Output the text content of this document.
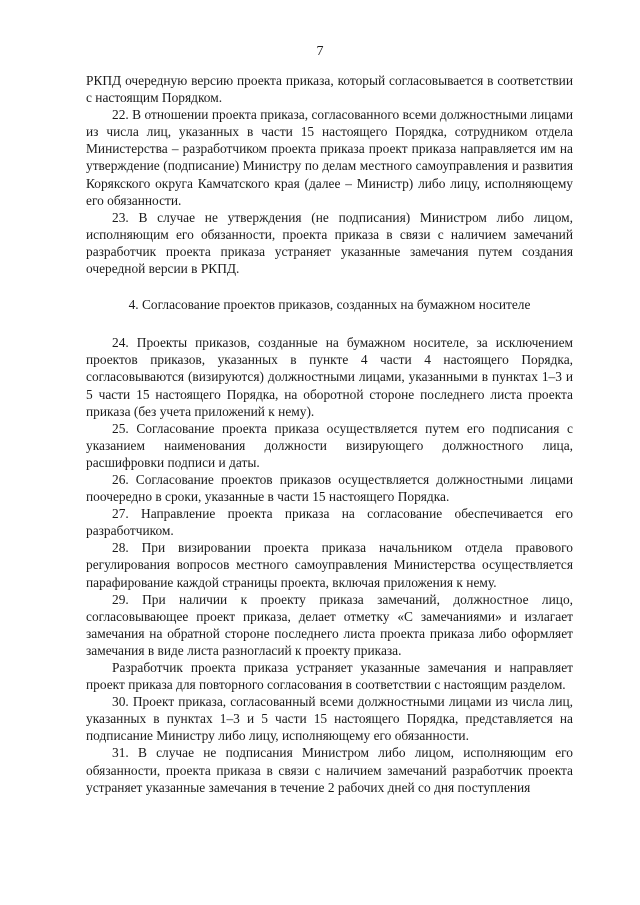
7

РКПД очередную версию проекта приказа, который согласовывается в соответствии с настоящим Порядком.

22. В отношении проекта приказа, согласованного всеми должностными лицами из числа лиц, указанных в части 15 настоящего Порядка, сотрудником отдела Министерства – разработчиком проекта приказа проект приказа направляется им на утверждение (подписание) Министру по делам местного самоуправления и развития Корякского округа Камчатского края (далее – Министр) либо лицу, исполняющему его обязанности.

23. В случае не утверждения (не подписания) Министром либо лицом, исполняющим его обязанности, проекта приказа в связи с наличием замечаний разработчик проекта приказа устраняет указанные замечания путем создания очередной версии в РКПД.

4. Согласование проектов приказов, созданных на бумажном носителе

24. Проекты приказов, созданные на бумажном носителе, за исключением проектов приказов, указанных в пункте 4 части 4 настоящего Порядка, согласовываются (визируются) должностными лицами, указанными в пунктах 1–3 и 5 части 15 настоящего Порядка, на оборотной стороне последнего листа проекта приказа (без учета приложений к нему).

25. Согласование проекта приказа осуществляется путем его подписания с указанием наименования должности визирующего должностного лица, расшифровки подписи и даты.

26. Согласование проектов приказов осуществляется должностными лицами поочередно в сроки, указанные в части 15 настоящего Порядка.

27. Направление проекта приказа на согласование обеспечивается его разработчиком.

28. При визировании проекта приказа начальником отдела правового регулирования вопросов местного самоуправления Министерства осуществляется парафирование каждой страницы проекта, включая приложения к нему.

29. При наличии к проекту приказа замечаний, должностное лицо, согласовывающее проект приказа, делает отметку «С замечаниями» и излагает замечания на обратной стороне последнего листа проекта приказа либо оформляет замечания в виде листа разногласий к проекту приказа.

Разработчик проекта приказа устраняет указанные замечания и направляет проект приказа для повторного согласования в соответствии с настоящим разделом.

30. Проект приказа, согласованный всеми должностными лицами из числа лиц, указанных в пунктах 1–3 и 5 части 15 настоящего Порядка, представляется на подписание Министру либо лицу, исполняющему его обязанности.

31. В случае не подписания Министром либо лицом, исполняющим его обязанности, проекта приказа в связи с наличием замечаний разработчик проекта устраняет указанные замечания в течение 2 рабочих дней со дня поступления
